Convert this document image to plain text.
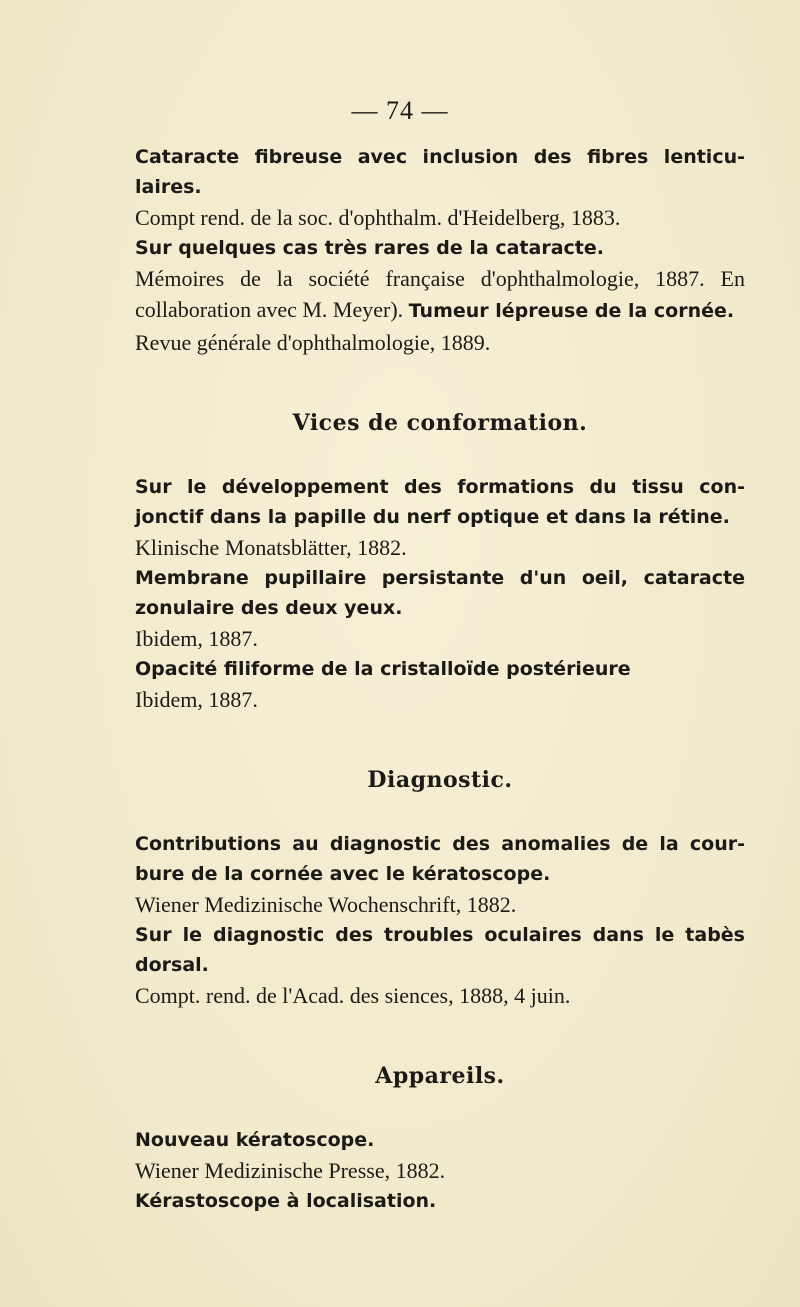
— 74 —

Cataracte fibreuse avec inclusion des fibres lenticu-laires.

Compt rend. de la soc. d'ophthalm. d'Heidelberg, 1883.

Sur quelques cas très rares de la cataracte.

Mémoires de la société française d'ophthalmologie, 1887. En collaboration avec M. Meyer). Tumeur lépreuse de la cornée.

Revue générale d'ophthalmologie, 1889.

Vices de conformation.

Sur le développement des formations du tissu con-jonctif dans la papille du nerf optique et dans la rétine.

Klinische Monatsblätter, 1882.

Membrane pupillaire persistante d'un oeil, cataracte zonulaire des deux yeux.

Ibidem, 1887.

Opacité filiforme de la cristalloïde postérieure

Ibidem, 1887.

Diagnostic.

Contributions au diagnostic des anomalies de la cour-bure de la cornée avec le kératoscope.

Wiener Medizinische Wochenschrift, 1882.

Sur le diagnostic des troubles oculaires dans le tabès dorsal.

Compt. rend. de l'Acad. des siences, 1888, 4 juin.

Appareils.

Nouveau kératoscope.

Wiener Medizinische Presse, 1882.

Kérastoscope à localisation.
